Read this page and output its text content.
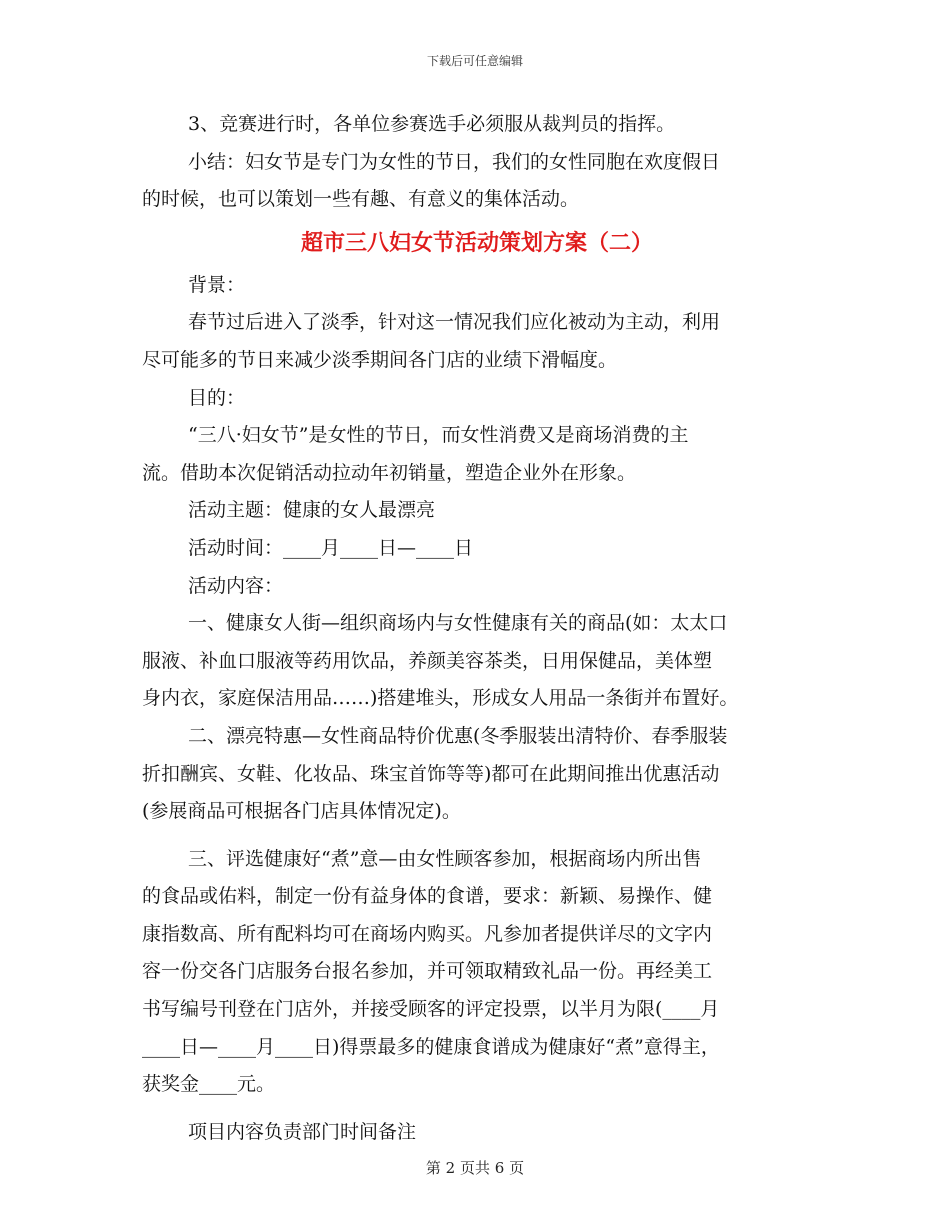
下载后可任意编辑
3、竞赛进行时，各单位参赛选手必须服从裁判员的指挥。
小结：妇女节是专门为女性的节日，我们的女性同胞在欢度假日
的时候，也可以策划一些有趣、有意义的集体活动。
超市三八妇女节活动策划方案（二）
背景：
春节过后进入了淡季，针对这一情况我们应化被动为主动，利用
尽可能多的节日来减少淡季期间各门店的业绩下滑幅度。
目的：
“三八·妇女节”是女性的节日，而女性消费又是商场消费的主
流。借助本次促销活动拉动年初销量，塑造企业外在形象。
活动主题：健康的女人最漂亮
活动时间：____月____日—____日
活动内容：
一、健康女人街—组织商场内与女性健康有关的商品(如：太太口
服液、补血口服液等药用饮品，养颜美容茶类，日用保健品，美体塑
身内衣，家庭保洁用品……)搭建堆头，形成女人用品一条街并布置好。
二、漂亮特惠—女性商品特价优惠(冬季服装出清特价、春季服装
折扣酬宾、女鞋、化妆品、珠宝首饰等等)都可在此期间推出优惠活动
(参展商品可根据各门店具体情况定)。
三、评选健康好“煮”意—由女性顾客参加，根据商场内所出售
的食品或佑料，制定一份有益身体的食谱，要求：新颖、易操作、健
康指数高、所有配料均可在商场内购买。凡参加者提供详尽的文字内
容一份交各门店服务台报名参加，并可领取精致礼品一份。再经美工
书写编号刊登在门店外，并接受顾客的评定投票，以半月为限(____月
____日—____月____日)得票最多的健康食谱成为健康好“煮”意得主，
获奖金____元。
项目内容负责部门时间备注
第 2 页共 6 页
